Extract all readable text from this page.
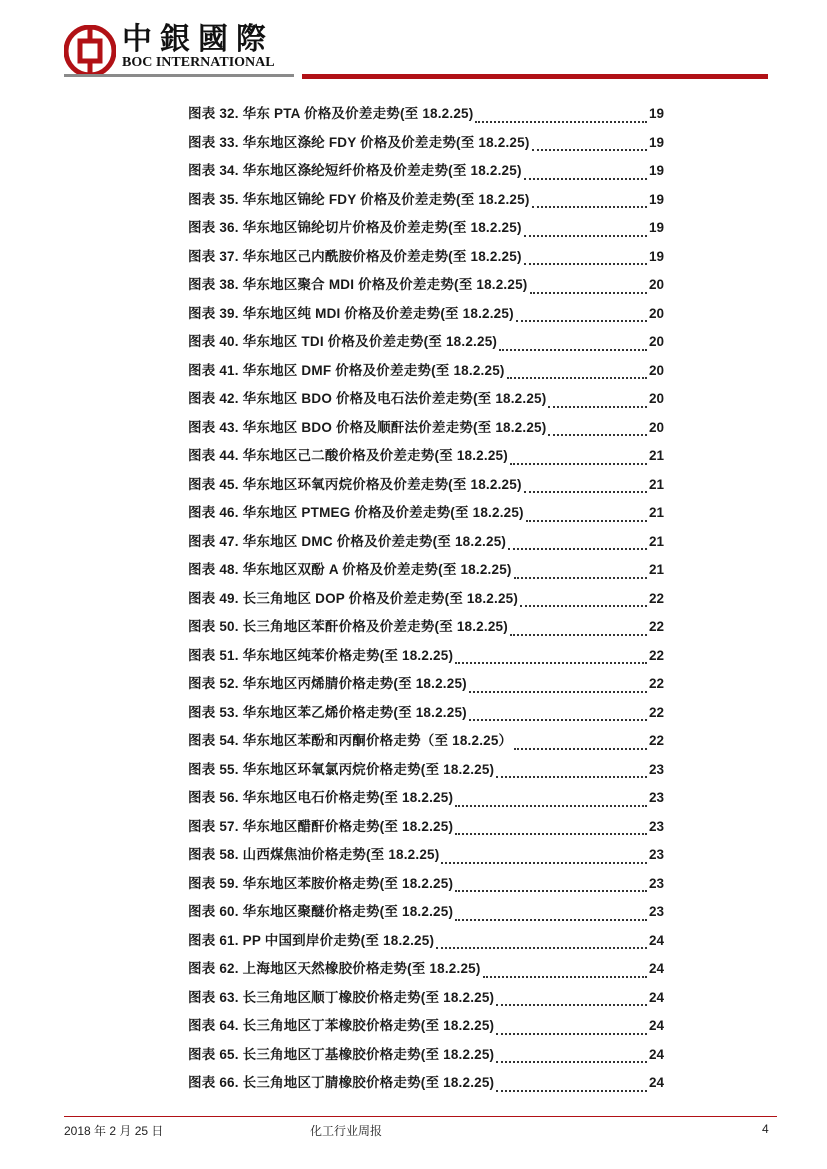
中銀國際
BOC INTERNATIONAL
图表 32. 华东 PTA 价格及价差走势(至 18.2.25)	19
图表 33. 华东地区涤纶 FDY 价格及价差走势(至 18.2.25)	19
图表 34. 华东地区涤纶短纤价格及价差走势(至 18.2.25)	19
图表 35. 华东地区锦纶 FDY 价格及价差走势(至 18.2.25)	19
图表 36. 华东地区锦纶切片价格及价差走势(至 18.2.25)	19
图表 37. 华东地区己内酰胺价格及价差走势(至 18.2.25)	19
图表 38. 华东地区聚合 MDI 价格及价差走势(至 18.2.25)	20
图表 39. 华东地区纯 MDI 价格及价差走势(至 18.2.25)	20
图表 40. 华东地区 TDI 价格及价差走势(至 18.2.25)	20
图表 41. 华东地区 DMF 价格及价差走势(至 18.2.25)	20
图表 42. 华东地区 BDO 价格及电石法价差走势(至 18.2.25)	20
图表 43. 华东地区 BDO 价格及顺酐法价差走势(至 18.2.25)	20
图表 44. 华东地区己二酸价格及价差走势(至 18.2.25)	21
图表 45. 华东地区环氧丙烷价格及价差走势(至 18.2.25)	21
图表 46. 华东地区 PTMEG 价格及价差走势(至 18.2.25)	21
图表 47. 华东地区 DMC 价格及价差走势(至 18.2.25)	21
图表 48. 华东地区双酚 A 价格及价差走势(至 18.2.25)	21
图表 49. 长三角地区 DOP 价格及价差走势(至 18.2.25)	22
图表 50. 长三角地区苯酐价格及价差走势(至 18.2.25)	22
图表 51. 华东地区纯苯价格走势(至 18.2.25)	22
图表 52. 华东地区丙烯腈价格走势(至 18.2.25)	22
图表 53. 华东地区苯乙烯价格走势(至 18.2.25)	22
图表 54. 华东地区苯酚和丙酮价格走势（至 18.2.25）	22
图表 55. 华东地区环氧氯丙烷价格走势(至 18.2.25)	23
图表 56. 华东地区电石价格走势(至 18.2.25)	23
图表 57. 华东地区醋酐价格走势(至 18.2.25)	23
图表 58. 山西煤焦油价格走势(至 18.2.25)	23
图表 59. 华东地区苯胺价格走势(至 18.2.25)	23
图表 60. 华东地区聚醚价格走势(至 18.2.25)	23
图表 61. PP 中国到岸价走势(至 18.2.25)	24
图表 62. 上海地区天然橡胶价格走势(至 18.2.25)	24
图表 63. 长三角地区顺丁橡胶价格走势(至 18.2.25)	24
图表 64. 长三角地区丁苯橡胶价格走势(至 18.2.25)	24
图表 65. 长三角地区丁基橡胶价格走势(至 18.2.25)	24
图表 66. 长三角地区丁腈橡胶价格走势(至 18.2.25)	24
2018 年 2 月 25 日	化工行业周报	4
